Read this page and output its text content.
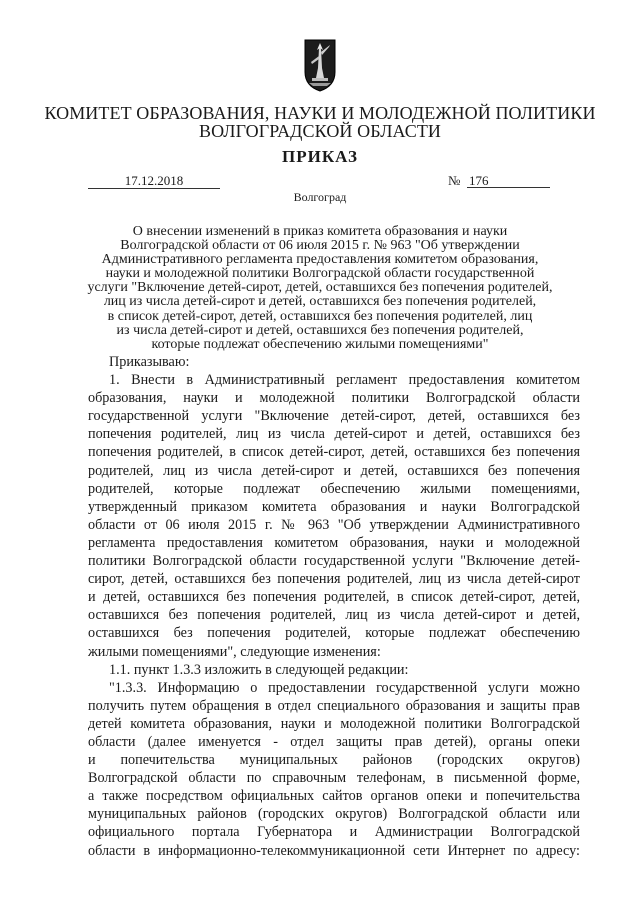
КОМИТЕТ ОБРАЗОВАНИЯ, НАУКИ И МОЛОДЕЖНОЙ ПОЛИТИКИ
ВОЛГОГРАДСКОЙ ОБЛАСТИ
ПРИКАЗ
17.12.2018	№ 176
Волгоград
О внесении изменений в приказ комитета образования и науки
Волгоградской области от 06 июля 2015 г. № 963 "Об утверждении
Административного регламента предоставления комитетом образования,
науки и молодежной политики Волгоградской области государственной
услуги "Включение детей-сирот, детей, оставшихся без попечения родителей,
лиц из числа детей-сирот и детей, оставшихся без попечения родителей,
в список детей-сирот, детей, оставшихся без попечения родителей, лиц
из числа детей-сирот и детей, оставшихся без попечения родителей,
которые подлежат обеспечению жилыми помещениями"
Приказываю:
1. Внести в Административный регламент предоставления комитетом
образования, науки и молодежной политики Волгоградской области
государственной услуги "Включение детей-сирот, детей, оставшихся без
попечения родителей, лиц из числа детей-сирот и детей, оставшихся без
попечения родителей, в список детей-сирот, детей, оставшихся без попечения
родителей, лиц из числа детей-сирот и детей, оставшихся без попечения
родителей, которые подлежат обеспечению жилыми помещениями,
утвержденный приказом комитета образования и науки Волгоградской
области от 06 июля 2015 г. № 963 "Об утверждении Административного
регламента предоставления комитетом образования, науки и молодежной
политики Волгоградской области государственной услуги "Включение детей-
сирот, детей, оставшихся без попечения родителей, лиц из числа детей-сирот
и детей, оставшихся без попечения родителей, в список детей-сирот, детей,
оставшихся без попечения родителей, лиц из числа детей-сирот и детей,
оставшихся без попечения родителей, которые подлежат обеспечению
жилыми помещениями", следующие изменения:
1.1. пункт 1.3.3 изложить в следующей редакции:
"1.3.3. Информацию о предоставлении государственной услуги можно
получить путем обращения в отдел специального образования и защиты прав
детей комитета образования, науки и молодежной политики Волгоградской
области (далее именуется - отдел защиты прав детей), органы опеки
и попечительства муниципальных районов (городских округов)
Волгоградской области по справочным телефонам, в письменной форме,
а также посредством официальных сайтов органов опеки и попечительства
муниципальных районов (городских округов) Волгоградской области или
официального портала Губернатора и Администрации Волгоградской
области в информационно-телекоммуникационной сети Интернет по адресу:
